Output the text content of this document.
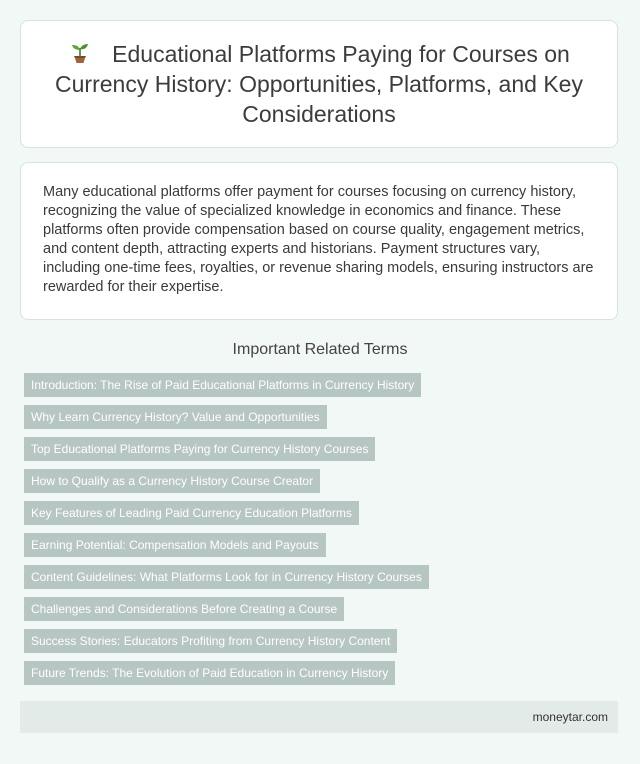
Educational Platforms Paying for Courses on Currency History: Opportunities, Platforms, and Key Considerations

Many educational platforms offer payment for courses focusing on currency history, recognizing the value of specialized knowledge in economics and finance. These platforms often provide compensation based on course quality, engagement metrics, and content depth, attracting experts and historians. Payment structures vary, including one-time fees, royalties, or revenue sharing models, ensuring instructors are rewarded for their expertise.

Important Related Terms
Introduction: The Rise of Paid Educational Platforms in Currency History
Why Learn Currency History? Value and Opportunities
Top Educational Platforms Paying for Currency History Courses
How to Qualify as a Currency History Course Creator
Key Features of Leading Paid Currency Education Platforms
Earning Potential: Compensation Models and Payouts
Content Guidelines: What Platforms Look for in Currency History Courses
Challenges and Considerations Before Creating a Course
Success Stories: Educators Profiting from Currency History Content
Future Trends: The Evolution of Paid Education in Currency History
moneytar.com
